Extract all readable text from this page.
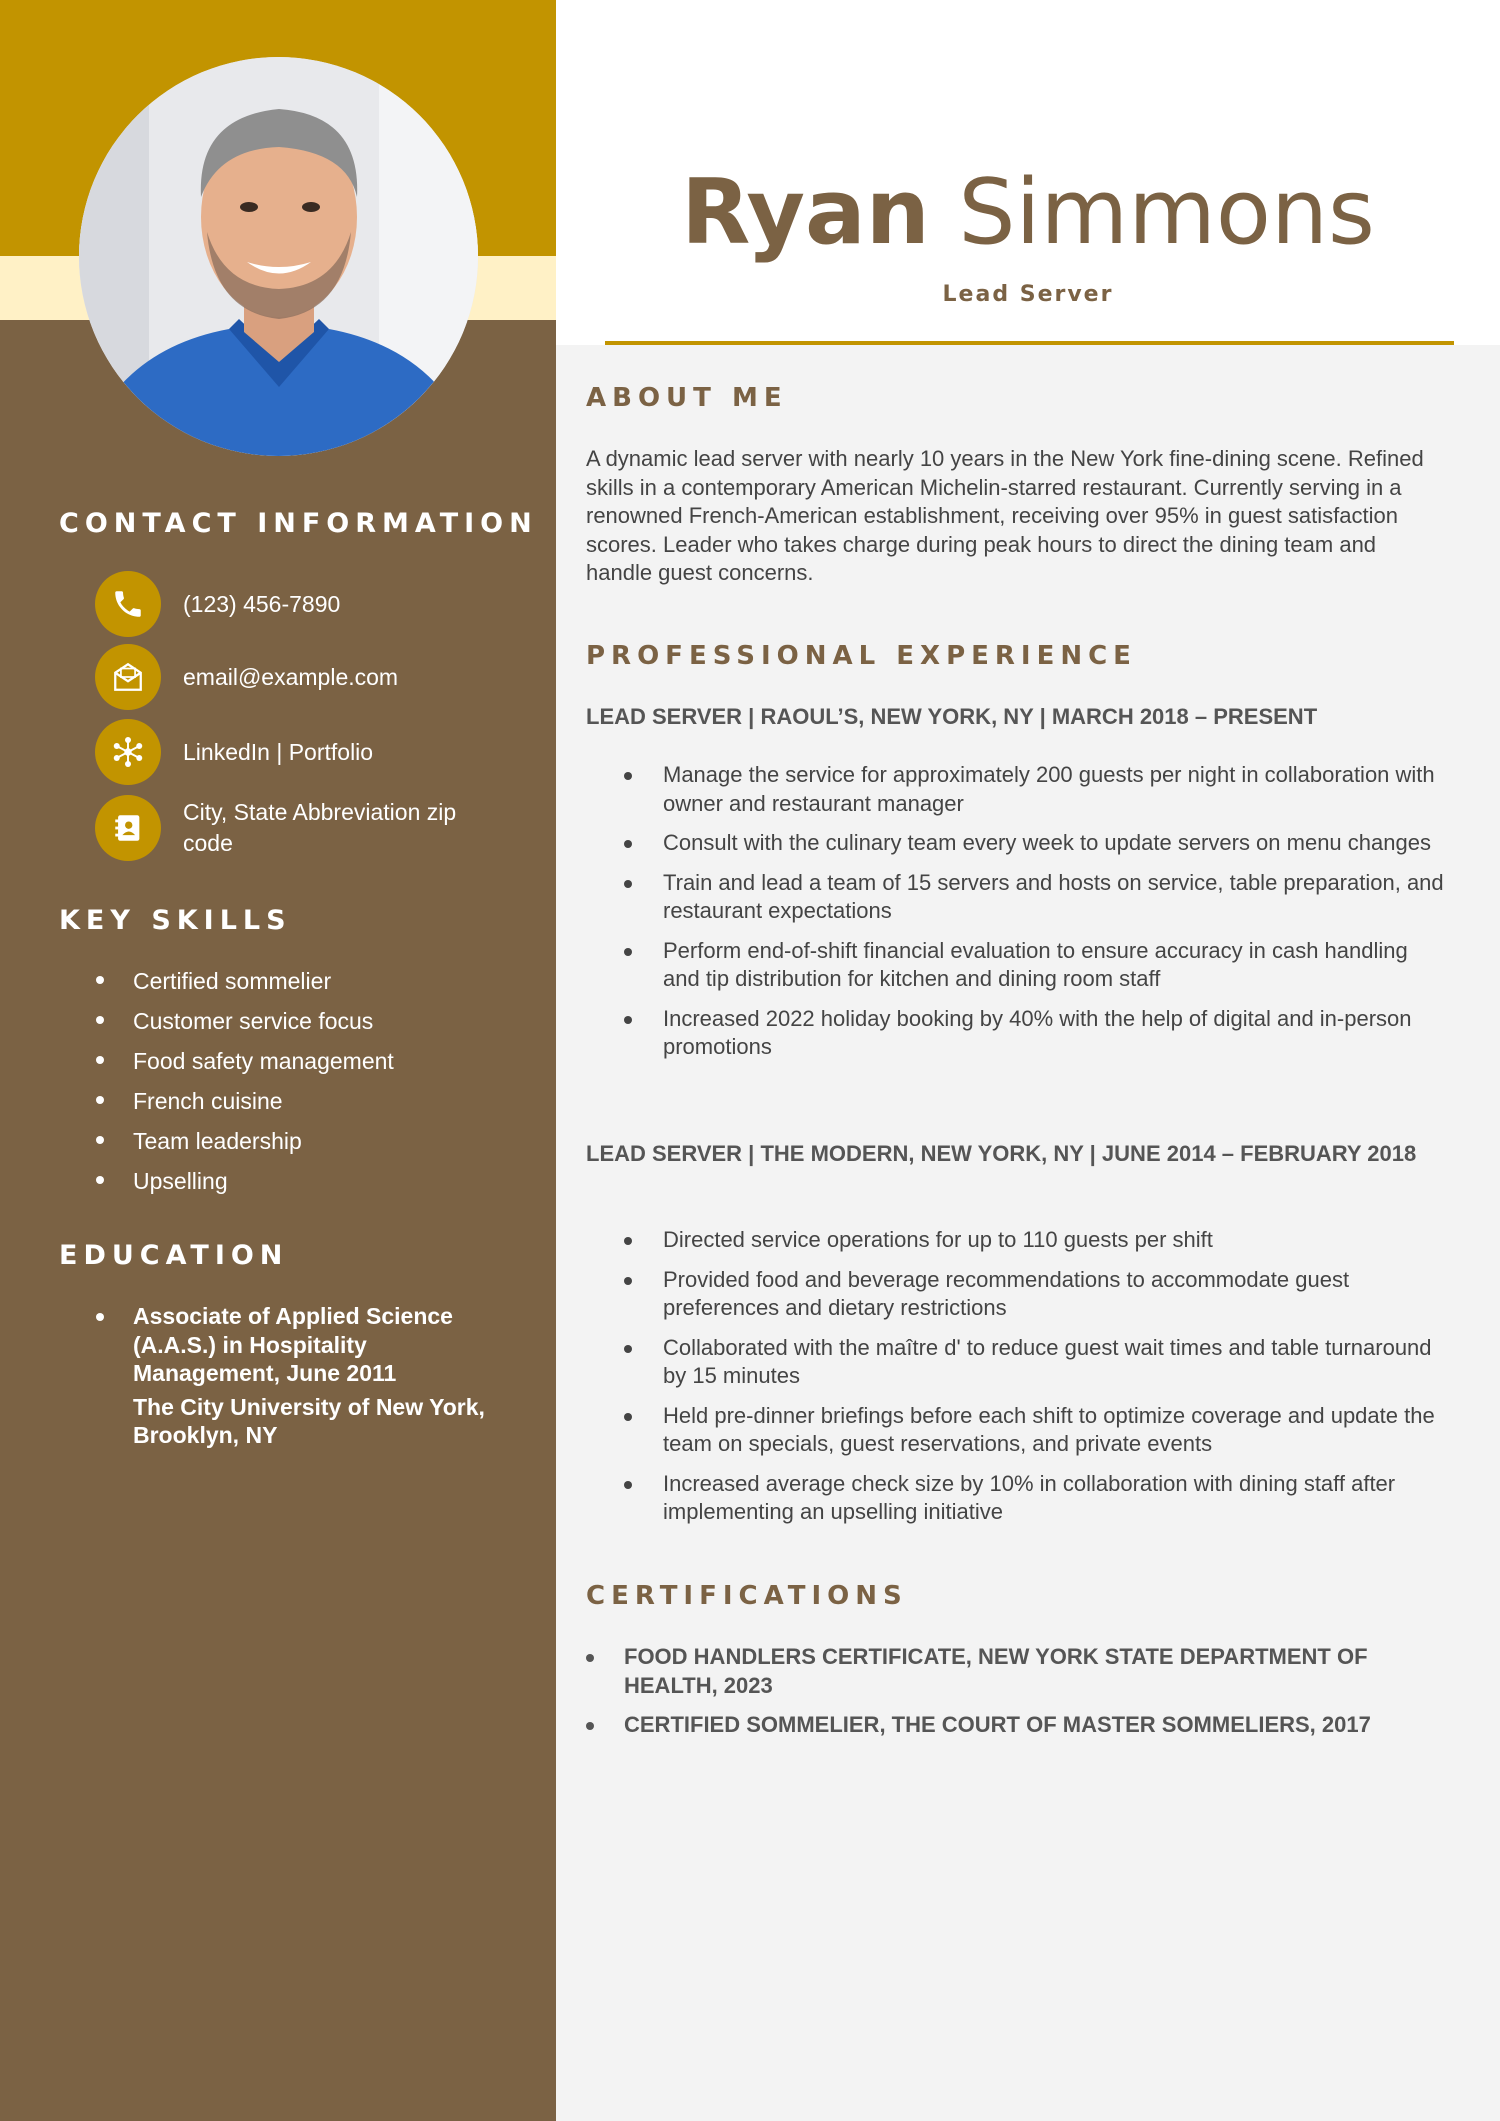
CONTACT INFORMATION
(123) 456-7890
email@example.com
LinkedIn | Portfolio
City, State Abbreviation zip code
KEY SKILLS
Certified sommelier
Customer service focus
Food safety management
French cuisine
Team leadership
Upselling
EDUCATION
Associate of Applied Science (A.A.S.) in Hospitality Management, June 2011
The City University of New York, Brooklyn, NY
Ryan Simmons
Lead Server
ABOUT ME

A dynamic lead server with nearly 10 years in the New York fine-dining scene. Refined skills in a contemporary American Michelin-starred restaurant. Currently serving in a renowned French-American establishment, receiving over 95% in guest satisfaction scores. Leader who takes charge during peak hours to direct the dining team and handle guest concerns.

PROFESSIONAL EXPERIENCE

LEAD SERVER | RAOUL’S, NEW YORK, NY | MARCH 2018 – PRESENT

Manage the service for approximately 200 guests per night in collaboration with owner and restaurant manager
Consult with the culinary team every week to update servers on menu changes
Train and lead a team of 15 servers and hosts on service, table preparation, and restaurant expectations
Perform end-of-shift financial evaluation to ensure accuracy in cash handling and tip distribution for kitchen and dining room staff
Increased 2022 holiday booking by 40% with the help of digital and in-person promotions

LEAD SERVER | THE MODERN, NEW YORK, NY | JUNE 2014 – FEBRUARY 2018

Directed service operations for up to 110 guests per shift
Provided food and beverage recommendations to accommodate guest preferences and dietary restrictions
Collaborated with the maître d' to reduce guest wait times and table turnaround by 15 minutes
Held pre-dinner briefings before each shift to optimize coverage and update the team on specials, guest reservations, and private events
Increased average check size by 10% in collaboration with dining staff after implementing an upselling initiative
CERTIFICATIONS
FOOD HANDLERS CERTIFICATE, NEW YORK STATE DEPARTMENT OF HEALTH, 2023
CERTIFIED SOMMELIER, THE COURT OF MASTER SOMMELIERS, 2017
